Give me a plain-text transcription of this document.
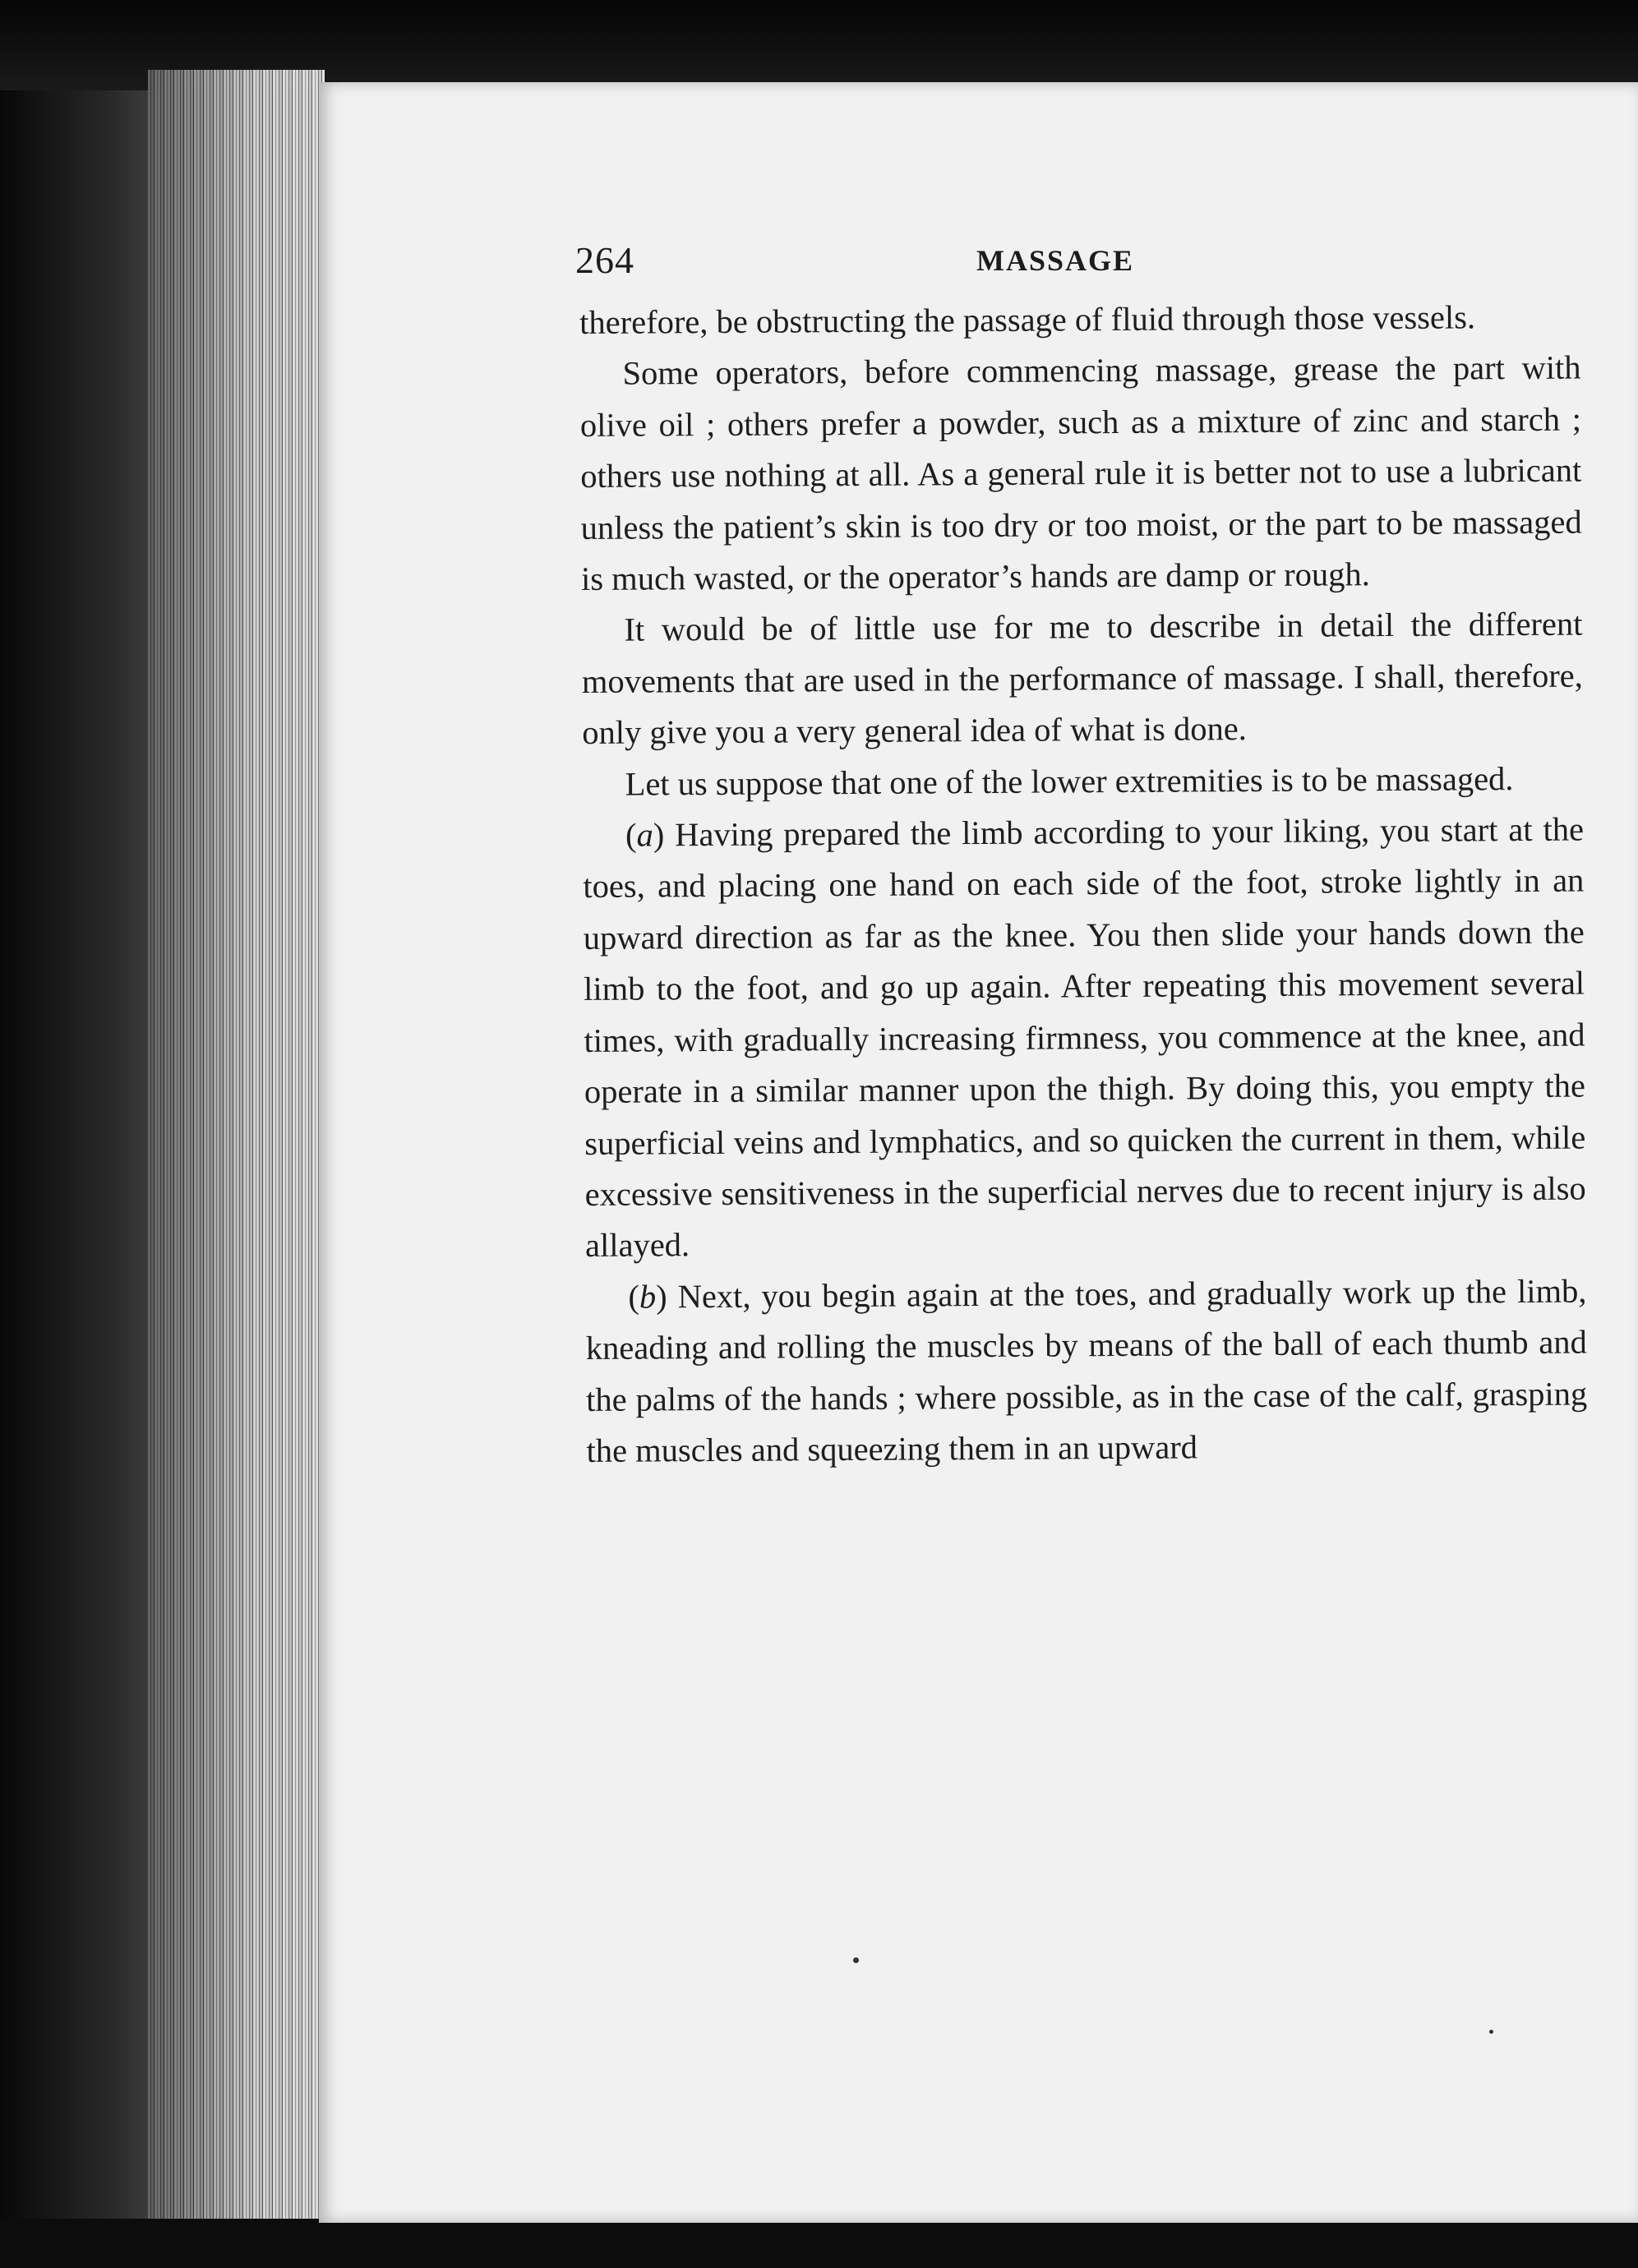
264	MASSAGE

therefore, be obstructing the passage of fluid through those vessels.

Some operators, before commencing massage, grease the part with olive oil ; others prefer a powder, such as a mixture of zinc and starch ; others use nothing at all. As a general rule it is better not to use a lubricant unless the patient’s skin is too dry or too moist, or the part to be massaged is much wasted, or the operator’s hands are damp or rough.

It would be of little use for me to describe in detail the different movements that are used in the performance of massage. I shall, therefore, only give you a very general idea of what is done.

Let us suppose that one of the lower extremities is to be massaged.

(a) Having prepared the limb according to your liking, you start at the toes, and placing one hand on each side of the foot, stroke lightly in an upward direction as far as the knee. You then slide your hands down the limb to the foot, and go up again. After repeating this movement several times, with gradually increasing firmness, you commence at the knee, and operate in a similar manner upon the thigh. By doing this, you empty the superficial veins and lymphatics, and so quicken the current in them, while excessive sensitiveness in the superficial nerves due to recent injury is also allayed.

(b) Next, you begin again at the toes, and gradually work up the limb, kneading and rolling the muscles by means of the ball of each thumb and the palms of the hands ; where possible, as in the case of the calf, grasping the muscles and squeezing them in an upward
